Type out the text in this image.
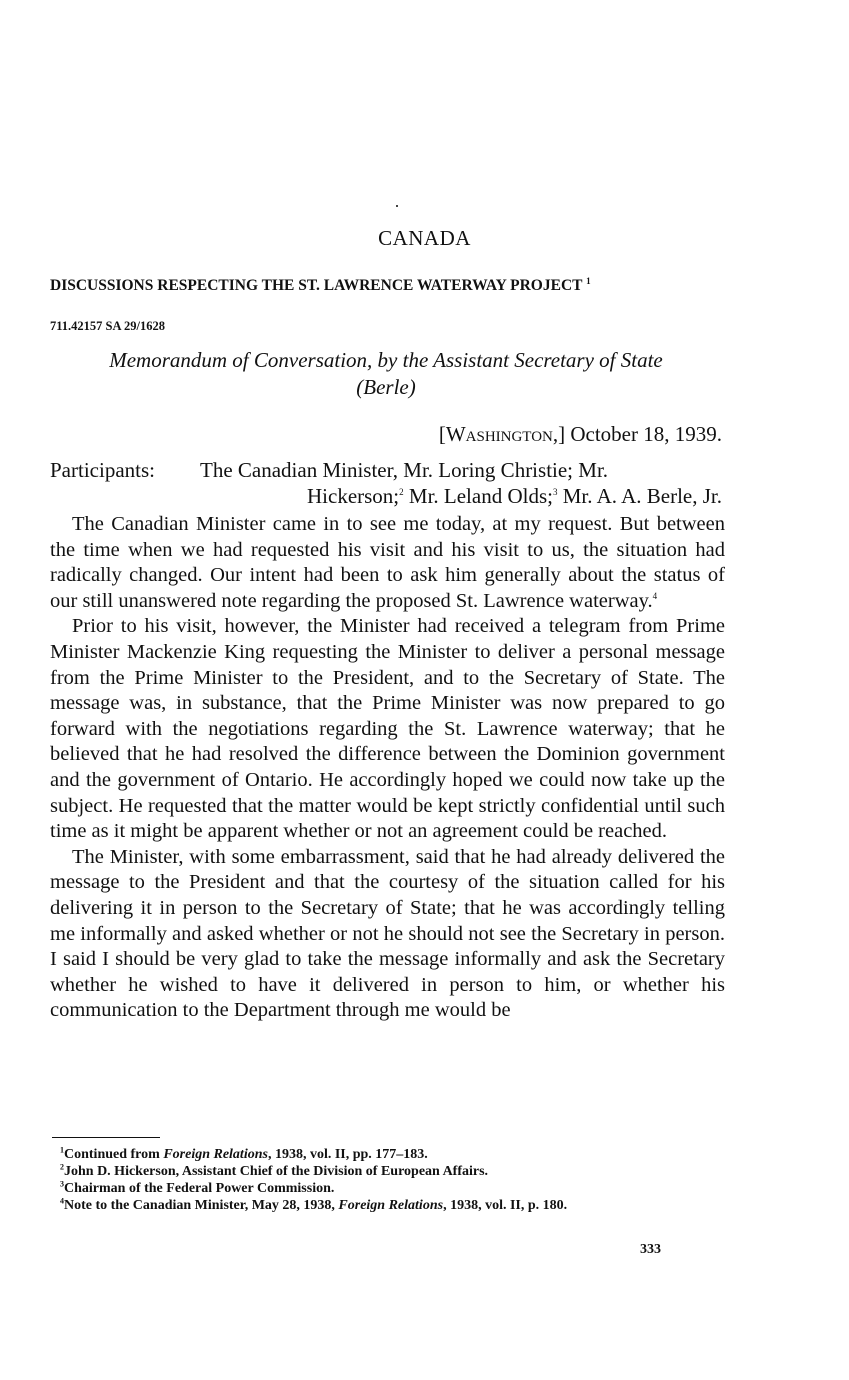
CANADA
DISCUSSIONS RESPECTING THE ST. LAWRENCE WATERWAY PROJECT $^1$
711.42157 SA 29/1628
Memorandum of Conversation, by the Assistant Secretary of State
(Berle)
[Washington,] October 18, 1939.
Participants: The Canadian Minister, Mr. Loring Christie; Mr.
Hickerson;$^2$ Mr. Leland Olds;$^3$ Mr. A. A. Berle, Jr.

The Canadian Minister came in to see me today, at my request. But between the time when we had requested his visit and his visit to us, the situation had radically changed. Our intent had been to ask him generally about the status of our still unanswered note regarding the proposed St. Lawrence waterway.$^4$

Prior to his visit, however, the Minister had received a telegram from Prime Minister Mackenzie King requesting the Minister to deliver a personal message from the Prime Minister to the President, and to the Secretary of State. The message was, in substance, that the Prime Minister was now prepared to go forward with the negotiations regarding the St. Lawrence waterway; that he believed that he had resolved the difference between the Dominion government and the government of Ontario. He accordingly hoped we could now take up the subject. He requested that the matter would be kept strictly confidential until such time as it might be apparent whether or not an agreement could be reached.

The Minister, with some embarrassment, said that he had already delivered the message to the President and that the courtesy of the situation called for his delivering it in person to the Secretary of State; that he was accordingly telling me informally and asked whether or not he should not see the Secretary in person. I said I should be very glad to take the message informally and ask the Secretary whether he wished to have it delivered in person to him, or whether his communication to the Department through me would be

$^1$Continued from Foreign Relations, 1938, vol. II, pp. 177–183.
$^2$John D. Hickerson, Assistant Chief of the Division of European Affairs.
$^3$Chairman of the Federal Power Commission.
$^4$Note to the Canadian Minister, May 28, 1938, Foreign Relations, 1938, vol. II, p. 180.
333
